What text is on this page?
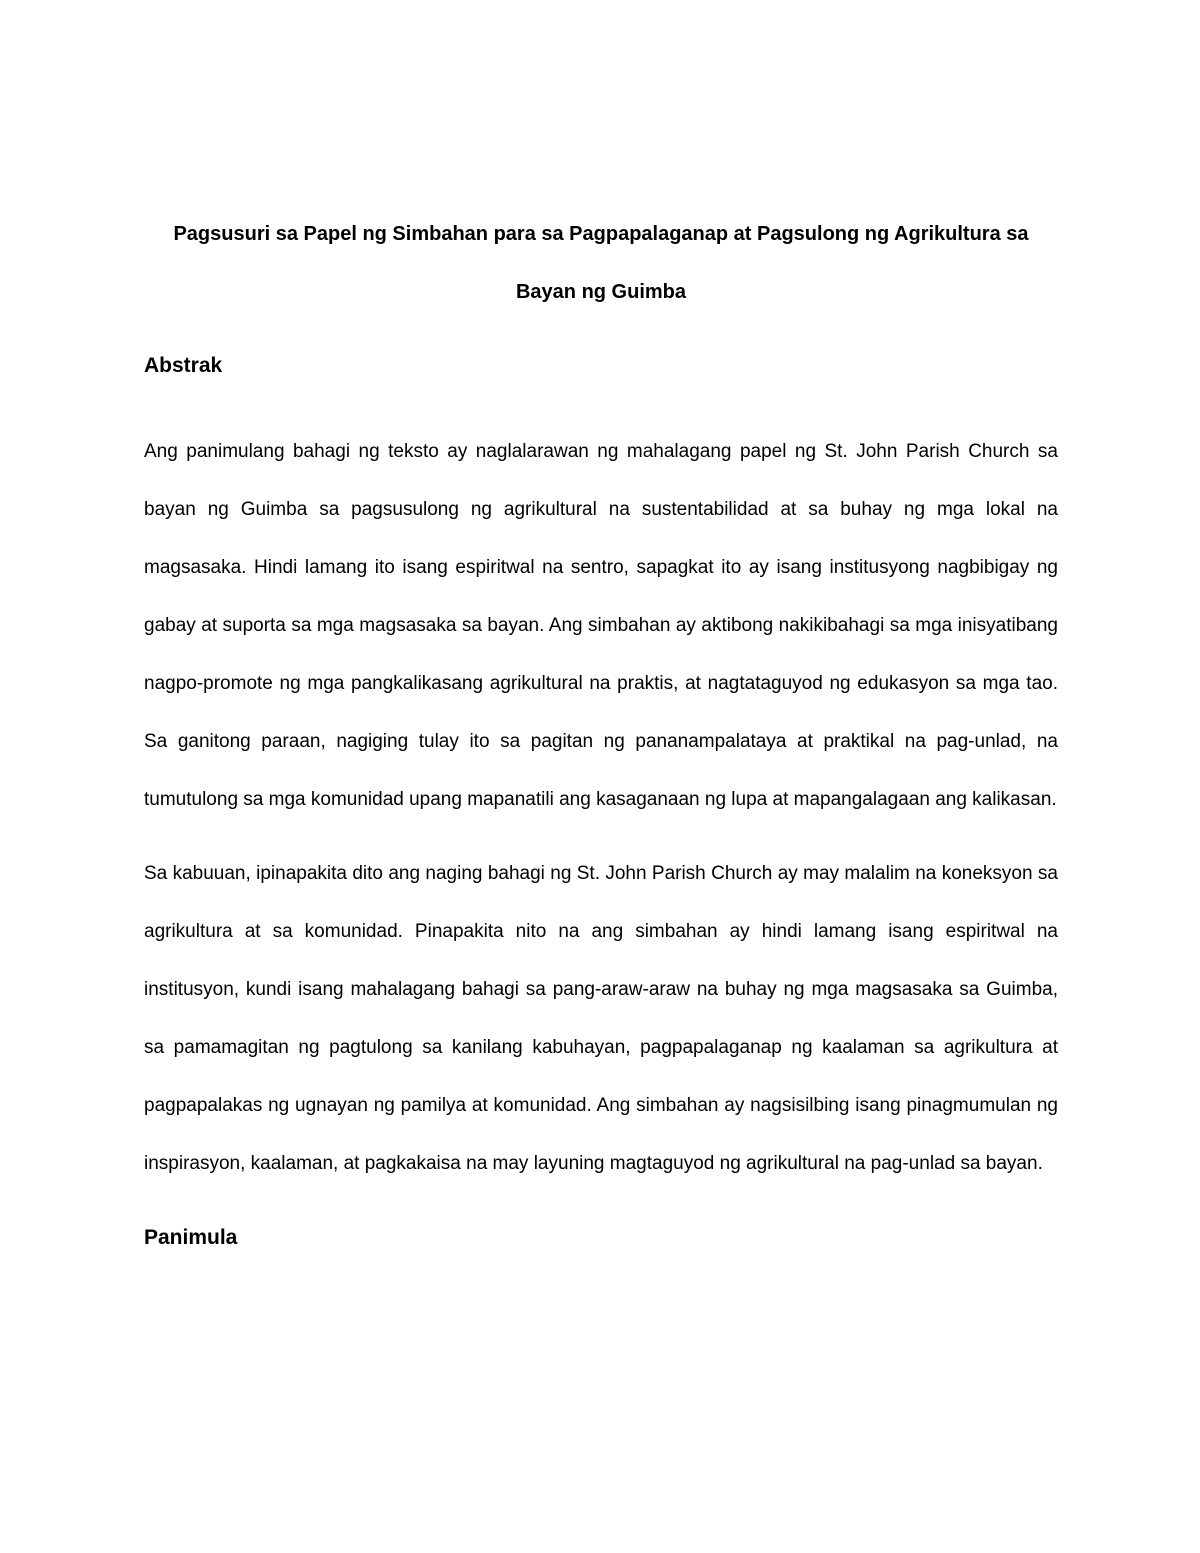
Pagsusuri sa Papel ng Simbahan para sa Pagpapalaganap at Pagsulong ng Agrikultura sa Bayan ng Guimba
Abstrak

Ang panimulang bahagi ng teksto ay naglalarawan ng mahalagang papel ng St. John Parish Church sa bayan ng Guimba sa pagsusulong ng agrikultural na sustentabilidad at sa buhay ng mga lokal na magsasaka. Hindi lamang ito isang espiritwal na sentro, sapagkat ito ay isang institusyong nagbibigay ng gabay at suporta sa mga magsasaka sa bayan. Ang simbahan ay aktibong nakikibahagi sa mga inisyatibang nagpo-promote ng mga pangkalikasang agrikultural na praktis, at nagtataguyod ng edukasyon sa mga tao. Sa ganitong paraan, nagiging tulay ito sa pagitan ng pananampalataya at praktikal na pag-unlad, na tumutulong sa mga komunidad upang mapanatili ang kasaganaan ng lupa at mapangalagaan ang kalikasan.

Sa kabuuan, ipinapakita dito ang naging bahagi ng St. John Parish Church ay may malalim na koneksyon sa agrikultura at sa komunidad. Pinapakita nito na ang simbahan ay hindi lamang isang espiritwal na institusyon, kundi isang mahalagang bahagi sa pang-araw-araw na buhay ng mga magsasaka sa Guimba, sa pamamagitan ng pagtulong sa kanilang kabuhayan, pagpapalaganap ng kaalaman sa agrikultura at pagpapalakas ng ugnayan ng pamilya at komunidad. Ang simbahan ay nagsisilbing isang pinagmumulan ng inspirasyon, kaalaman, at pagkakaisa na may layuning magtaguyod ng agrikultural na pag-unlad sa bayan.

Panimula
